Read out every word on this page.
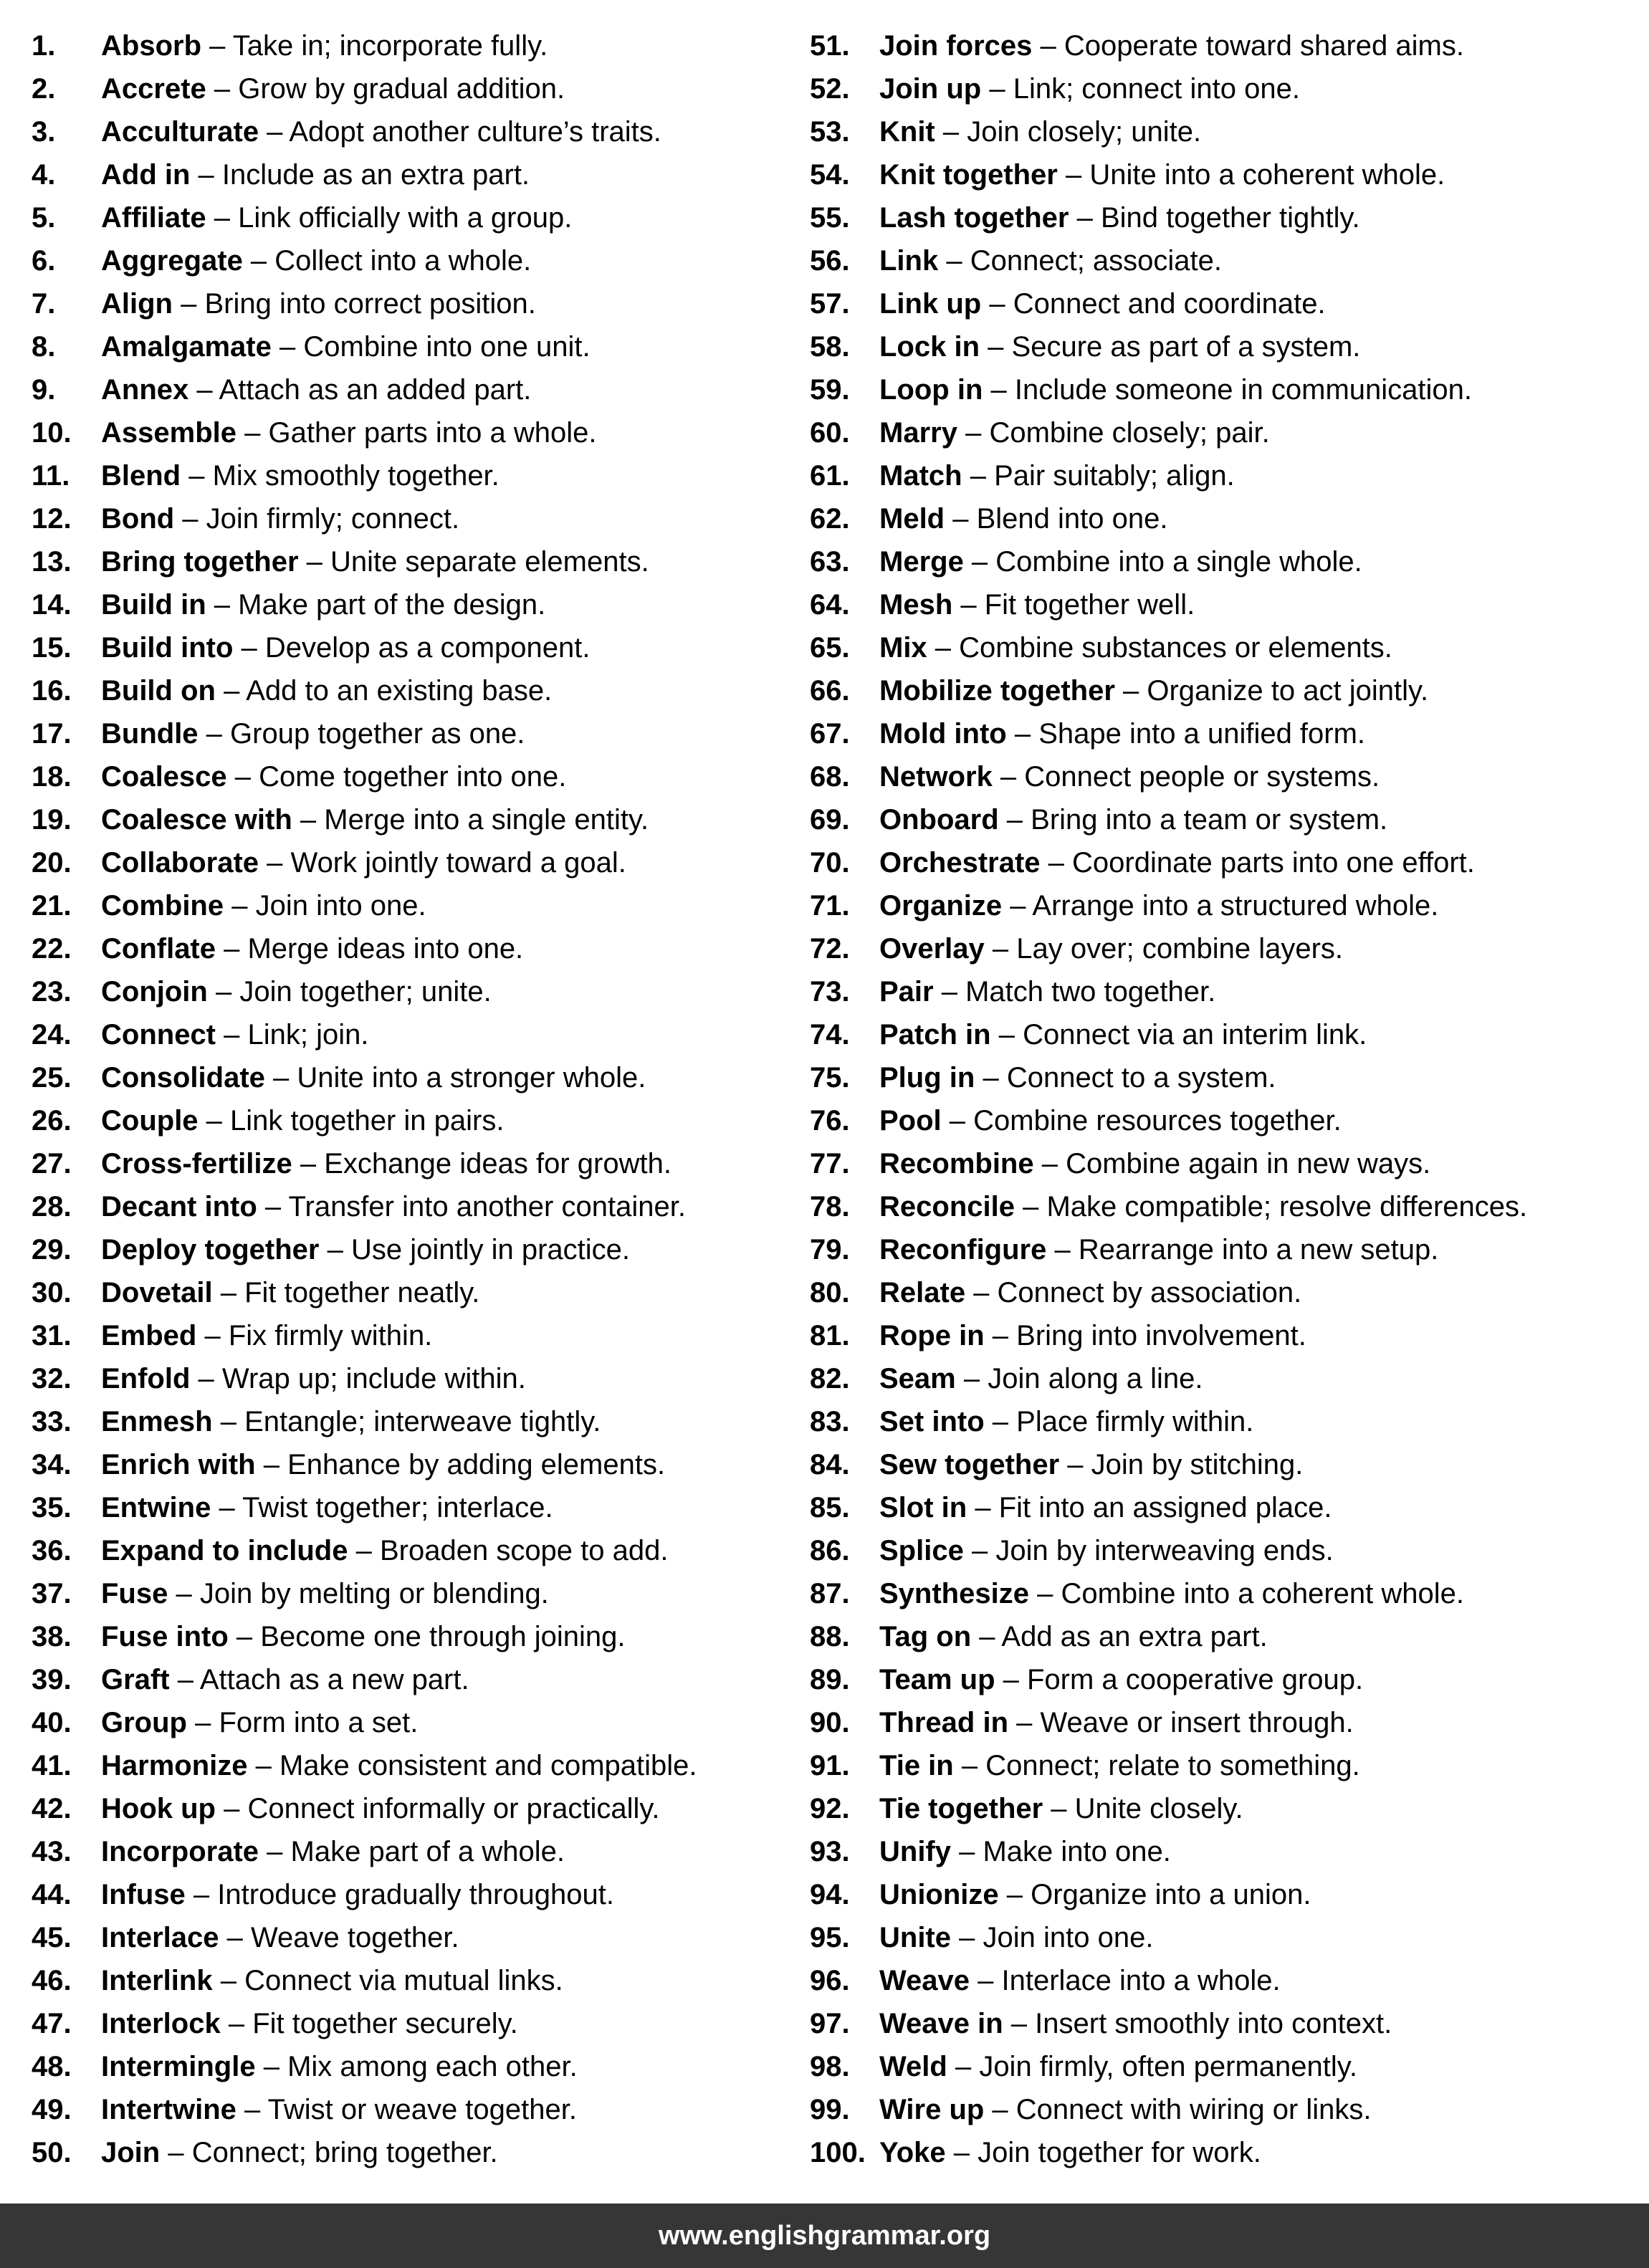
1. Absorb – Take in; incorporate fully.
2. Accrete – Grow by gradual addition.
3. Acculturate – Adopt another culture’s traits.
4. Add in – Include as an extra part.
5. Affiliate – Link officially with a group.
6. Aggregate – Collect into a whole.
7. Align – Bring into correct position.
8. Amalgamate – Combine into one unit.
9. Annex – Attach as an added part.
10. Assemble – Gather parts into a whole.
11. Blend – Mix smoothly together.
12. Bond – Join firmly; connect.
13. Bring together – Unite separate elements.
14. Build in – Make part of the design.
15. Build into – Develop as a component.
16. Build on – Add to an existing base.
17. Bundle – Group together as one.
18. Coalesce – Come together into one.
19. Coalesce with – Merge into a single entity.
20. Collaborate – Work jointly toward a goal.
21. Combine – Join into one.
22. Conflate – Merge ideas into one.
23. Conjoin – Join together; unite.
24. Connect – Link; join.
25. Consolidate – Unite into a stronger whole.
26. Couple – Link together in pairs.
27. Cross-fertilize – Exchange ideas for growth.
28. Decant into – Transfer into another container.
29. Deploy together – Use jointly in practice.
30. Dovetail – Fit together neatly.
31. Embed – Fix firmly within.
32. Enfold – Wrap up; include within.
33. Enmesh – Entangle; interweave tightly.
34. Enrich with – Enhance by adding elements.
35. Entwine – Twist together; interlace.
36. Expand to include – Broaden scope to add.
37. Fuse – Join by melting or blending.
38. Fuse into – Become one through joining.
39. Graft – Attach as a new part.
40. Group – Form into a set.
41. Harmonize – Make consistent and compatible.
42. Hook up – Connect informally or practically.
43. Incorporate – Make part of a whole.
44. Infuse – Introduce gradually throughout.
45. Interlace – Weave together.
46. Interlink – Connect via mutual links.
47. Interlock – Fit together securely.
48. Intermingle – Mix among each other.
49. Intertwine – Twist or weave together.
50. Join – Connect; bring together.
51. Join forces – Cooperate toward shared aims.
52. Join up – Link; connect into one.
53. Knit – Join closely; unite.
54. Knit together – Unite into a coherent whole.
55. Lash together – Bind together tightly.
56. Link – Connect; associate.
57. Link up – Connect and coordinate.
58. Lock in – Secure as part of a system.
59. Loop in – Include someone in communication.
60. Marry – Combine closely; pair.
61. Match – Pair suitably; align.
62. Meld – Blend into one.
63. Merge – Combine into a single whole.
64. Mesh – Fit together well.
65. Mix – Combine substances or elements.
66. Mobilize together – Organize to act jointly.
67. Mold into – Shape into a unified form.
68. Network – Connect people or systems.
69. Onboard – Bring into a team or system.
70. Orchestrate – Coordinate parts into one effort.
71. Organize – Arrange into a structured whole.
72. Overlay – Lay over; combine layers.
73. Pair – Match two together.
74. Patch in – Connect via an interim link.
75. Plug in – Connect to a system.
76. Pool – Combine resources together.
77. Recombine – Combine again in new ways.
78. Reconcile – Make compatible; resolve differences.
79. Reconfigure – Rearrange into a new setup.
80. Relate – Connect by association.
81. Rope in – Bring into involvement.
82. Seam – Join along a line.
83. Set into – Place firmly within.
84. Sew together – Join by stitching.
85. Slot in – Fit into an assigned place.
86. Splice – Join by interweaving ends.
87. Synthesize – Combine into a coherent whole.
88. Tag on – Add as an extra part.
89. Team up – Form a cooperative group.
90. Thread in – Weave or insert through.
91. Tie in – Connect; relate to something.
92. Tie together – Unite closely.
93. Unify – Make into one.
94. Unionize – Organize into a union.
95. Unite – Join into one.
96. Weave – Interlace into a whole.
97. Weave in – Insert smoothly into context.
98. Weld – Join firmly, often permanently.
99. Wire up – Connect with wiring or links.
100. Yoke – Join together for work.
www.englishgrammar.org
